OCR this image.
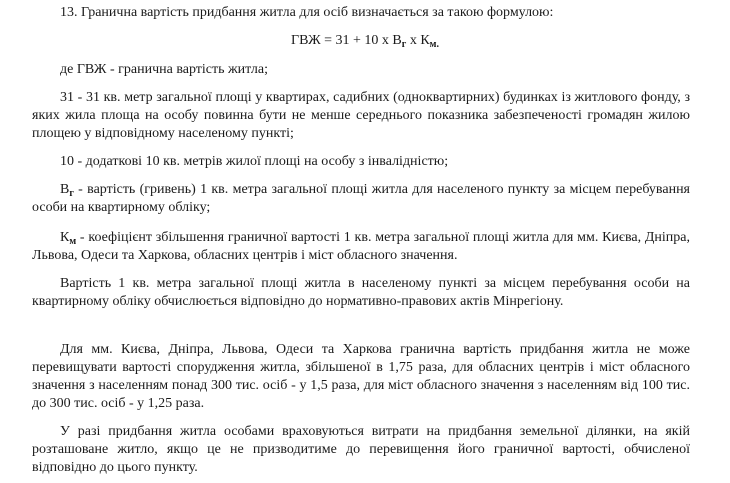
13. Гранична вартість придбання житла для осіб визначається за такою формулою:

ГВЖ = 31 + 10 х $В_г$ х $К_{м.}$

де ГВЖ - гранична вартість житла;

31 - 31 кв. метр загальної площі у квартирах, садибних (одноквартирних) будинках із житлового фонду, з яких жила площа на особу повинна бути не менше середнього показника забезпеченості громадян жилою площею у відповідному населеному пункті;

10 - додаткові 10 кв. метрів жилої площі на особу з інвалідністю;

$В_г$ - вартість (гривень) 1 кв. метра загальної площі житла для населеного пункту за місцем перебування особи на квартирному обліку;

$К_м$ - коефіцієнт збільшення граничної вартості 1 кв. метра загальної площі житла для мм. Києва, Дніпра, Львова, Одеси та Харкова, обласних центрів і міст обласного значення.

Вартість 1 кв. метра загальної площі житла в населеному пункті за місцем перебування особи на квартирному обліку обчислюється відповідно до нормативно-правових актів Мінрегіону.

Для мм. Києва, Дніпра, Львова, Одеси та Харкова гранична вартість придбання житла не може перевищувати вартості спорудження житла, збільшеної в 1,75 раза, для обласних центрів і міст обласного значення з населенням понад 300 тис. осіб - у 1,5 раза, для міст обласного значення з населенням від 100 тис. до 300 тис. осіб - у 1,25 раза.

У разі придбання житла особами враховуються витрати на придбання земельної ділянки, на якій розташоване житло, якщо це не призводитиме до перевищення його граничної вартості, обчисленої відповідно до цього пункту.
